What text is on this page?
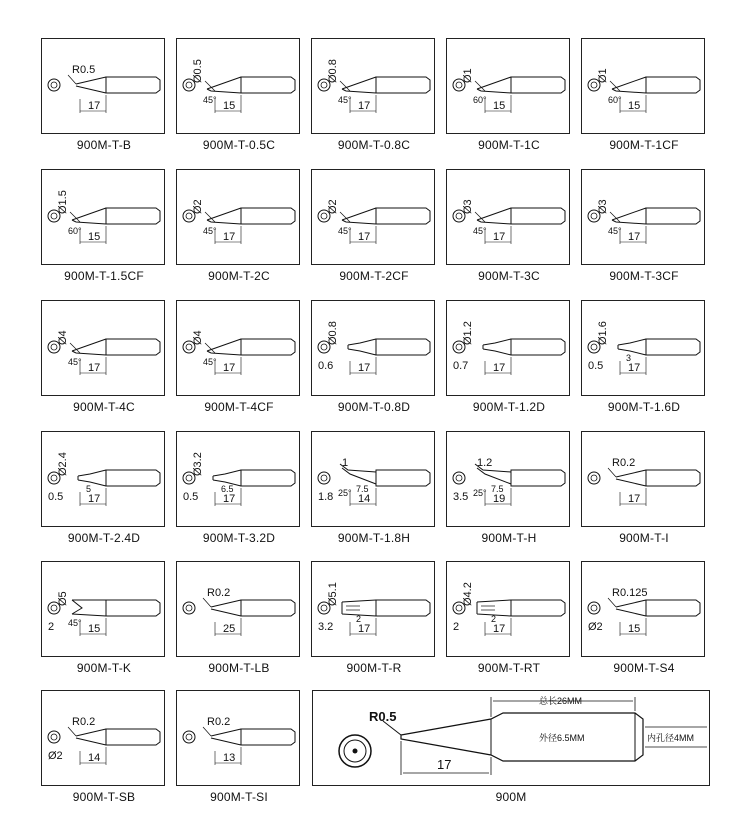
R0.5
17
900M-T-B
Ø0.5
45° 15
900M-T-0.5C
Ø0.8
45° 17
900M-T-0.8C
Ø1
60° 15
900M-T-1C
Ø1
60° 15
900M-T-1CF
Ø1.5
60° 15
900M-T-1.5CF
Ø2
45° 17
900M-T-2C
Ø2
45° 17
900M-T-2CF
Ø3
45° 17
900M-T-3C
Ø3
45° 17
900M-T-3CF
Ø4
45° 17
900M-T-4C
Ø4
45° 17
900M-T-4CF
Ø0.8
0.6 17
900M-T-0.8D
Ø1.2
0.7 17
900M-T-1.2D
Ø1.6
0.5
3
17
900M-T-1.6D
Ø2.4
0.5
5
17
900M-T-2.4D
Ø3.2
0.5
6.5
17
900M-T-3.2D
1
25°
1.8
7.5
14
900M-T-1.8H
1.2
25°
3.5
7.5
19
900M-T-H
R0.2
17
900M-T-I
Ø5
45°
2	15
900M-T-K
R0.2
25
900M-T-LB
Ø5.1
3.2
2
17
900M-T-R
Ø4.2
2
2
17
900M-T-RT
R0.125
Ø2 15
900M-T-S4
R0.2
Ø2 14
900M-T-SB
R0.2
13
900M-T-SI
R0.5
17
总长26MM
外径6.5MM	内孔径4MM
900M
